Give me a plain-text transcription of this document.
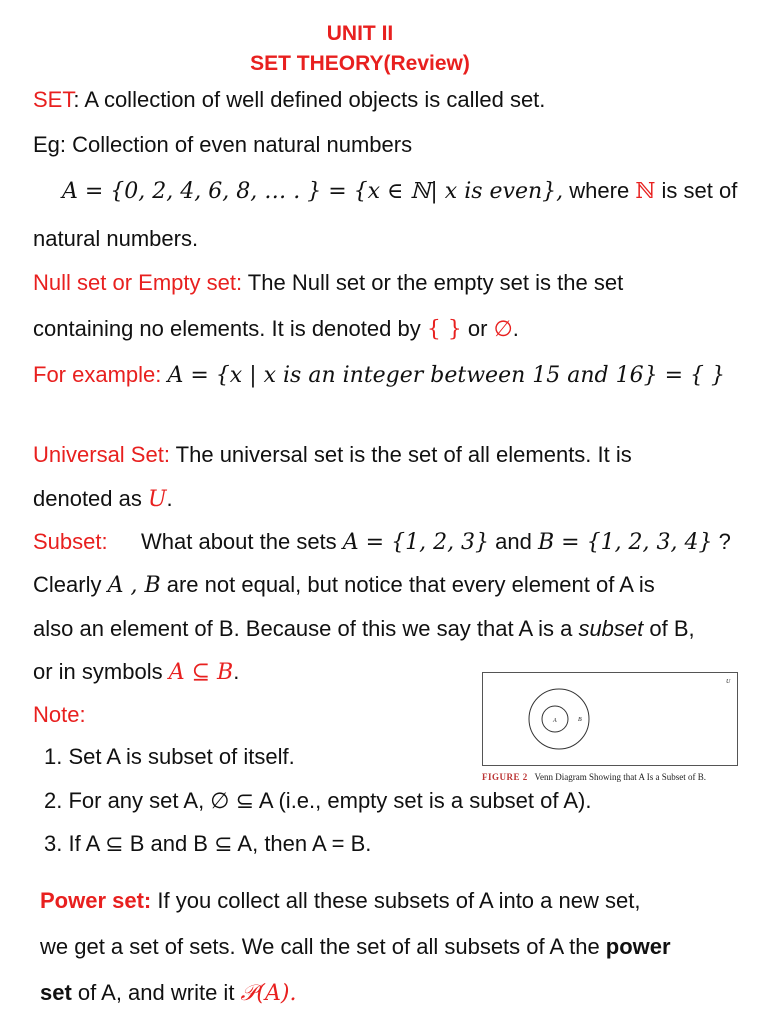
UNIT II
SET THEORY(Review)
SET: A collection of well defined objects is called set.
Eg: Collection of even natural numbers
A = {0, 2, 4, 6, 8, … . } = {x ∈ ℕ| x is even}, where ℕ is set of
natural numbers.
Null set or Empty set: The Null set or the empty set is the set
containing no elements. It is denoted by { } or ∅.
For example: A = {x | x is an integer between 15 and 16} = { }
Universal Set: The universal set is the set of all elements. It is
denoted as U.
Subset: What about the sets A = {1, 2, 3} and B = {1, 2, 3, 4} ?
Clearly A , B are not equal, but notice that every element of A is
also an element of B. Because of this we say that A is a subset of B,
or in symbols A ⊆ B.
Note:
1. Set A is subset of itself.
2. For any set A, ∅ ⊆ A (i.e., empty set is a subset of A).
3. If A ⊆ B and B ⊆ A, then A = B.
A	B
U
FIGURE 2 Venn Diagram Showing that A Is a Subset of B.
Power set: If you collect all these subsets of A into a new set,
we get a set of sets. We call the set of all subsets of A the power
set of A, and write it 𝒫(A).
